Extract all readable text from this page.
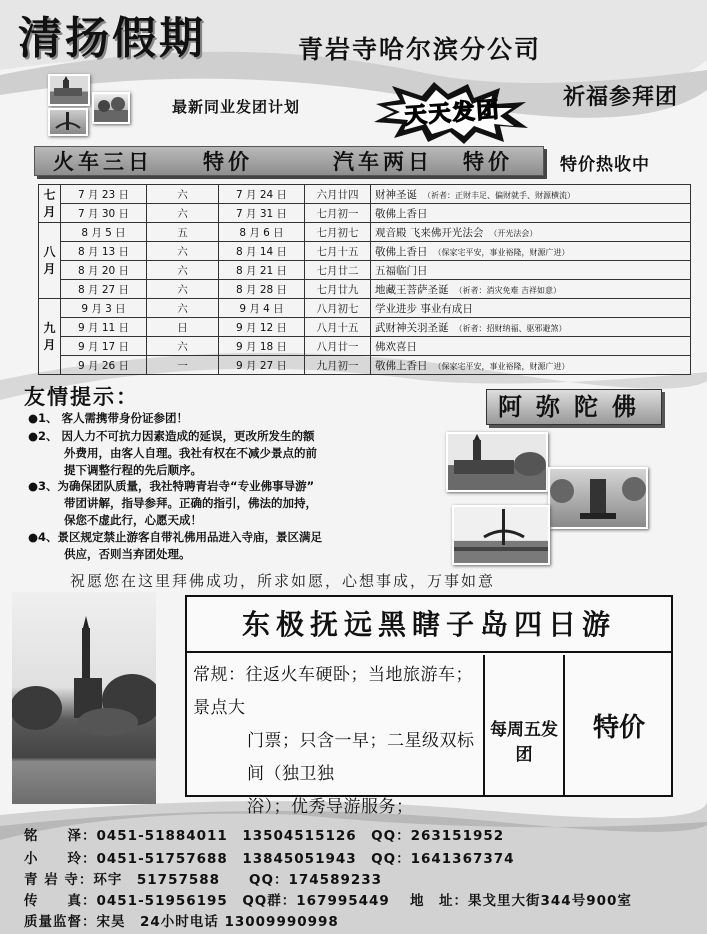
清扬假期	青岩寺哈尔滨分公司
祈福参拜团
最新同业发团计划	天天发团
火车三日 特价	汽车两日 特价	特价热收中
七月	7 月 23 日	六	7 月 24 日	六月廿四	财神圣诞 （祈者：正财丰足、偏财就手、财源横流）
	7 月 30 日	六	7 月 31 日	七月初一	敬佛上香日
八月	8 月 5 日	五	8 月 6 日	七月初七	观音殿 飞来佛开光法会 （开光法会）
	8 月 13 日	六	8 月 14 日	七月十五	敬佛上香日 （保家宅平安，事业裕隆，财源广进）
	8 月 20 日	六	8 月 21 日	七月廿二	五福临门日
	8 月 27 日	六	8 月 28 日	七月廿九	地藏王菩萨圣诞 （祈者：消灾免难 吉祥如意）
九月	9 月 3 日	六	9 月 4 日	八月初七	学业进步 事业有成日
	9 月 11 日	日	9 月 12 日	八月十五	武财神关羽圣诞 （祈者：招财纳福、驱邪避煞）
	9 月 17 日	六	9 月 18 日	八月廿一	佛欢喜日
	9 月 26 日	一	9 月 27 日	九月初一	敬佛上香日 （保家宅平安，事业裕隆，财源广进）
友情提示：
●1、 客人需携带身份证参团！
●2、 因人力不可抗力因素造成的延误，更改所发生的额
外费用，由客人自理。我社有权在不减少景点的前
提下调整行程的先后顺序。
●3、为确保团队质量，我社特聘青岩寺“专业佛事导游”
带团讲解，指导参拜。正确的指引，佛法的加持，
保您不虚此行，心愿天成！
●4、景区规定禁止游客自带礼佛用品进入寺庙，景区满足
供应，否则当弃团处理。
阿弥陀佛
祝愿您在这里拜佛成功，所求如愿，心想事成，万事如意
东极抚远黑瞎子岛四日游
常规：往返火车硬卧；当地旅游车；景点大
门票；只含一早；二星级双标间（独卫独
浴）；优秀导游服务；
每周五发团
特价
铭　　泽：0451-51884011　13504515126　QQ：263151952
小　　玲：0451-51757688　13845051943　QQ：1641367374
青 岩 寺：环宇　51757588　　QQ：174589233
传　　真：0451-51956195　QQ群：167995449　 地　址：果戈里大街344号900室
质量监督：宋昊　24小时电话 13009990998
